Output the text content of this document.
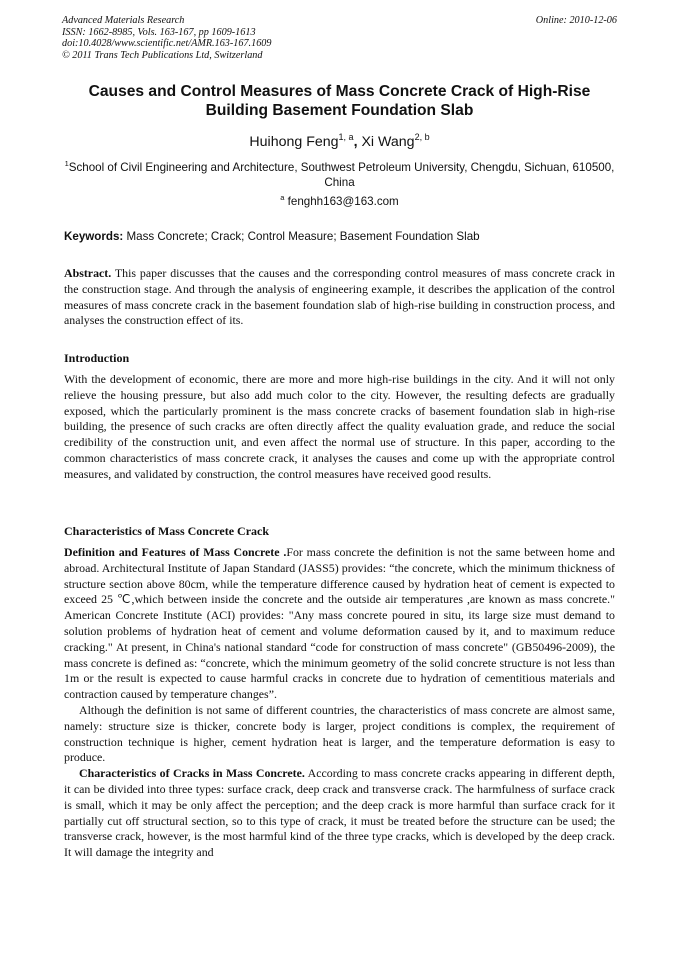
Advanced Materials Research
ISSN: 1662-8985, Vols. 163-167, pp 1609-1613
doi:10.4028/www.scientific.net/AMR.163-167.1609
© 2011 Trans Tech Publications Ltd, Switzerland
Online: 2010-12-06
Causes and Control Measures of Mass Concrete Crack of High-Rise Building Basement Foundation Slab
Huihong Feng$^{1, a}$, Xi Wang$^{2, b}$
$^1$School of Civil Engineering and Architecture, Southwest Petroleum University, Chengdu, Sichuan, 610500, China
$^a$ fenghh163@163.com
Keywords: Mass Concrete; Crack; Control Measure; Basement Foundation Slab

Abstract. This paper discusses that the causes and the corresponding control measures of mass concrete crack in the construction stage. And through the analysis of engineering example, it describes the application of the control measures of mass concrete crack in the basement foundation slab of high-rise building in construction process, and analyses the construction effect of its.

Introduction

With the development of economic, there are more and more high-rise buildings in the city. And it will not only relieve the housing pressure, but also add much color to the city. However, the resulting defects are gradually exposed, which the particularly prominent is the mass concrete cracks of basement foundation slab in high-rise building, the presence of such cracks are often directly affect the quality evaluation grade, and reduce the social credibility of the construction unit, and even affect the normal use of structure. In this paper, according to the common characteristics of mass concrete crack, it analyses the causes and come up with the appropriate control measures, and validated by construction, the control measures have received good results.

Characteristics of Mass Concrete Crack

Definition and Features of Mass Concrete .For mass concrete the definition is not the same between home and abroad. Architectural Institute of Japan Standard (JASS5) provides: “the concrete, which the minimum thickness of structure section above 80cm, while the temperature difference caused by hydration heat of cement is expected to exceed 25 ℃,which between inside the concrete and the outside air temperatures ,are known as mass concrete." American Concrete Institute (ACI) provides: "Any mass concrete poured in situ, its large size must demand to solution problems of hydration heat of cement and volume deformation caused by it, and to maximum reduce cracking." At present, in China's national standard “code for construction of mass concrete" (GB50496-2009), the mass concrete is defined as: “concrete, which the minimum geometry of the solid concrete structure is not less than 1m or the result is expected to cause harmful cracks in concrete due to hydration of cementitious materials and contraction caused by temperature changes”.

Although the definition is not same of different countries, the characteristics of mass concrete are almost same, namely: structure size is thicker, concrete body is larger, project conditions is complex, the requirement of construction technique is higher, cement hydration heat is larger, and the temperature deformation is easy to produce.

Characteristics of Cracks in Mass Concrete. According to mass concrete cracks appearing in different depth, it can be divided into three types: surface crack, deep crack and transverse crack. The harmfulness of surface crack is small, which it may be only affect the perception; and the deep crack is more harmful than surface crack for it partially cut off structural section, so to this type of crack, it must be treated before the structure can be used; the transverse crack, however, is the most harmful kind of the three type cracks, which is developed by the deep crack. It will damage the integrity and
